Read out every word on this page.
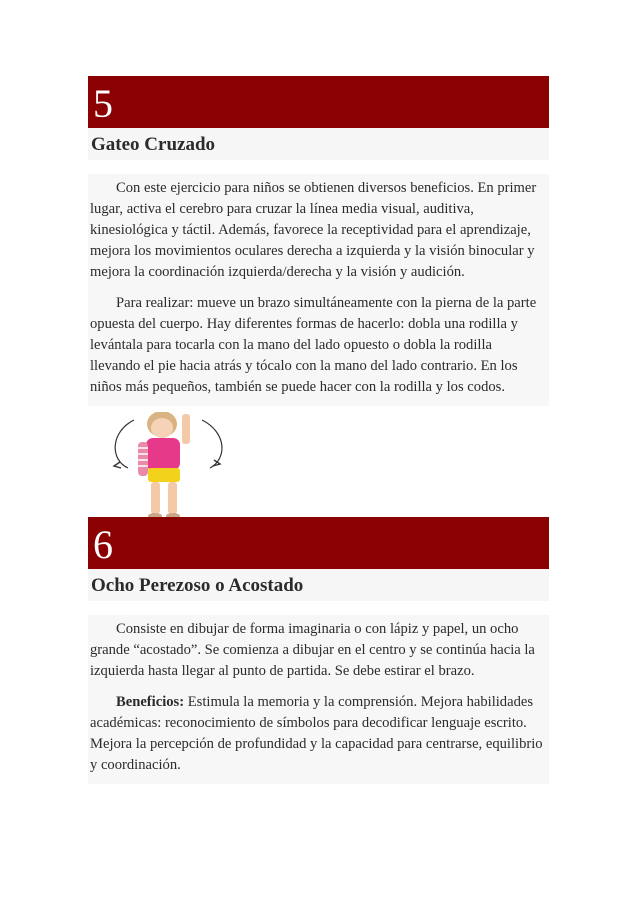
5
Gateo Cruzado

Con este ejercicio para niños se obtienen diversos beneficios. En primer lugar, activa el cerebro para cruzar la línea media visual, auditiva, kinesiológica y táctil. Además, favorece la receptividad para el aprendizaje, mejora los movimientos oculares derecha a izquierda y la visión binocular y mejora la coordinación izquierda/derecha y la visión y audición.

Para realizar: mueve un brazo simultáneamente con la pierna de la parte opuesta del cuerpo. Hay diferentes formas de hacerlo: dobla una rodilla y levántala para tocarla con la mano del lado opuesto o dobla la rodilla llevando el pie hacia atrás y tócalo con la mano del lado contrario. En los niños más pequeños, también se puede hacer con la rodilla y los codos.

6
Ocho Perezoso o Acostado

Consiste en dibujar de forma imaginaria o con lápiz y papel, un ocho grande “acostado”. Se comienza a dibujar en el centro y se continúa hacia la izquierda hasta llegar al punto de partida. Se debe estirar el brazo.

Beneficios: Estimula la memoria y la comprensión. Mejora habilidades académicas: reconocimiento de símbolos para decodificar lenguaje escrito. Mejora la percepción de profundidad y la capacidad para centrarse, equilibrio y coordinación.
